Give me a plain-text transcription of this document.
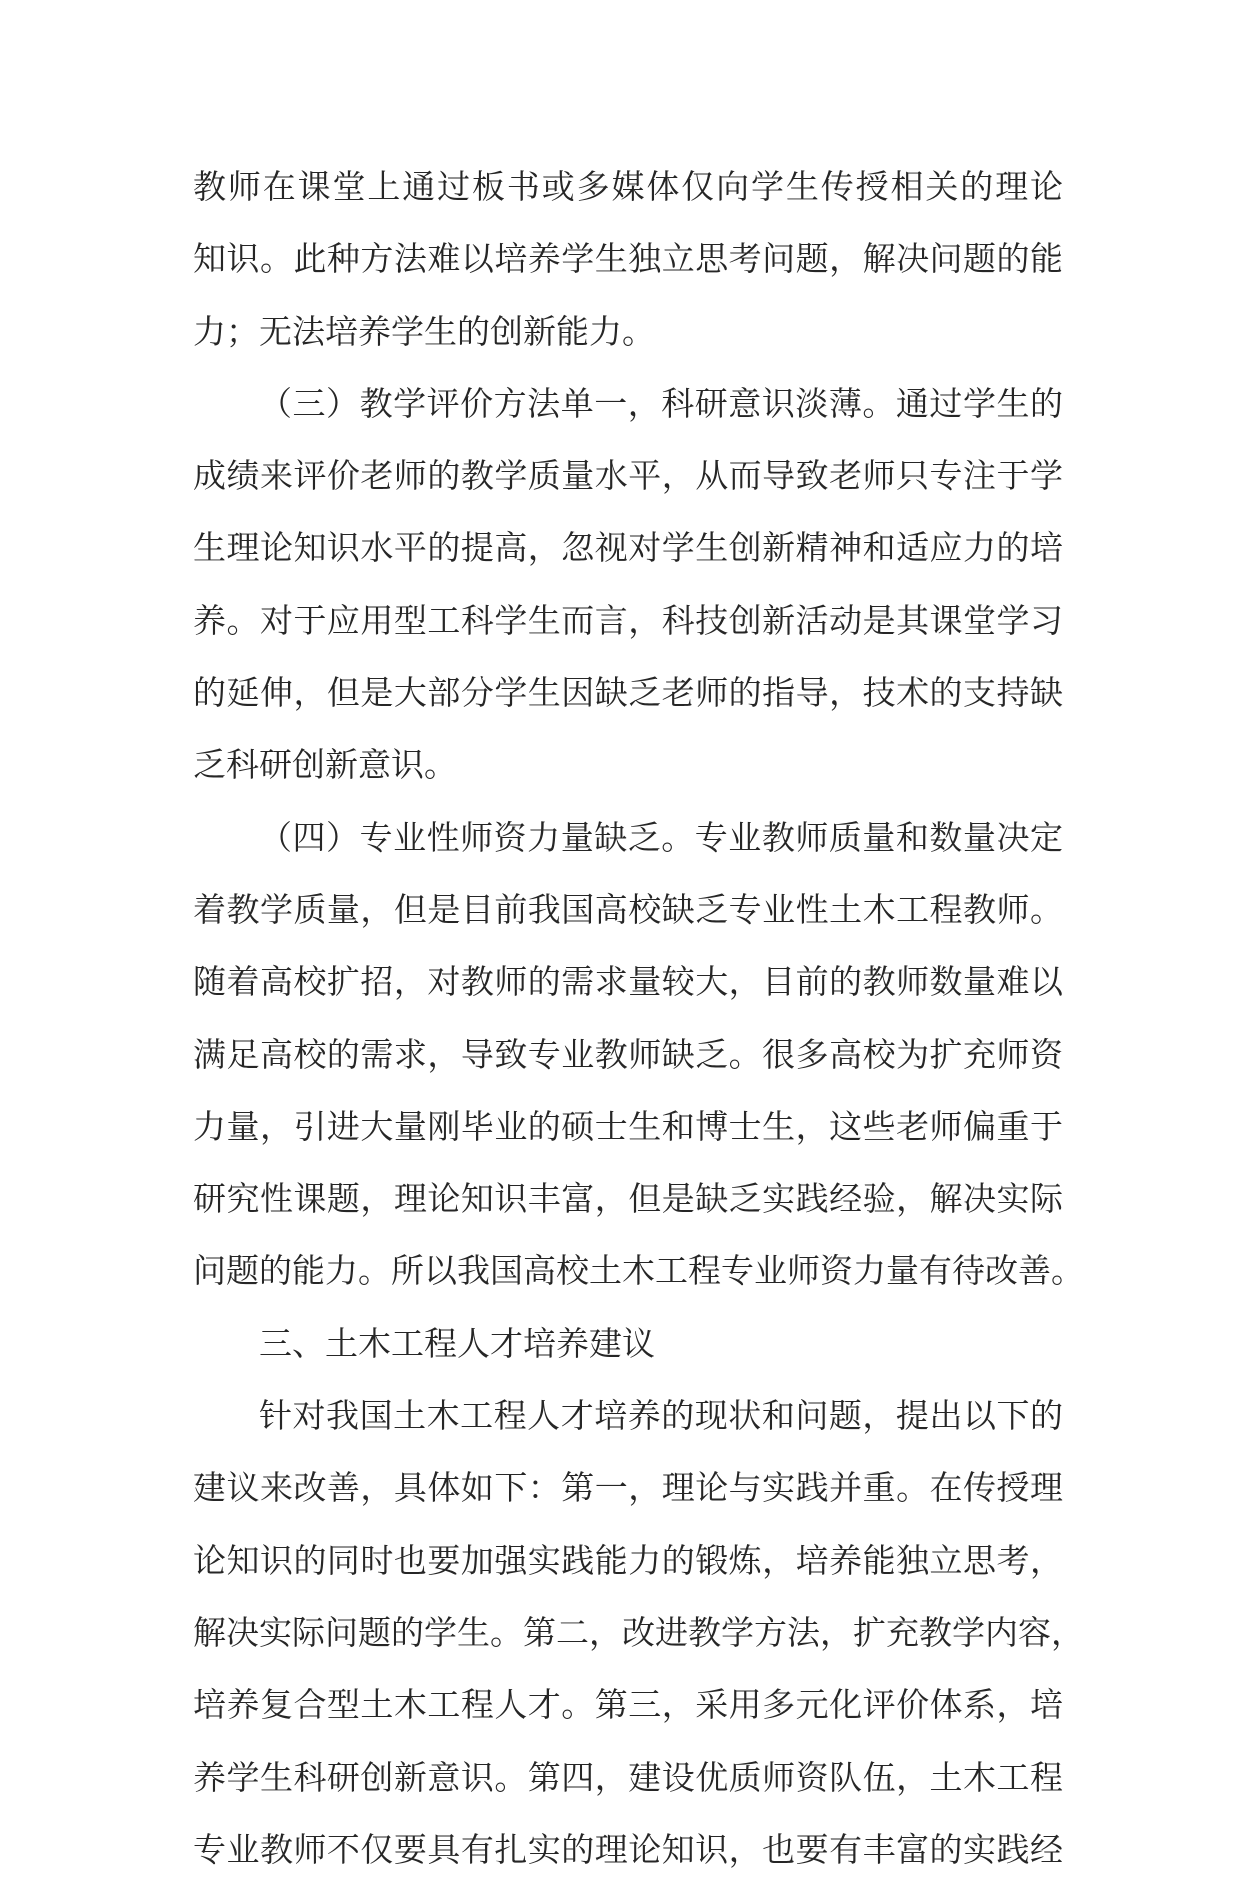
教师在课堂上通过板书或多媒体仅向学生传授相关的理论
知识。此种方法难以培养学生独立思考问题，解决问题的能
力；无法培养学生的创新能力。
（三）教学评价方法单一，科研意识淡薄。通过学生的
成绩来评价老师的教学质量水平，从而导致老师只专注于学
生理论知识水平的提高，忽视对学生创新精神和适应力的培
养。对于应用型工科学生而言，科技创新活动是其课堂学习
的延伸，但是大部分学生因缺乏老师的指导，技术的支持缺
乏科研创新意识。
（四）专业性师资力量缺乏。专业教师质量和数量决定
着教学质量，但是目前我国高校缺乏专业性土木工程教师。
随着高校扩招，对教师的需求量较大，目前的教师数量难以
满足高校的需求，导致专业教师缺乏。很多高校为扩充师资
力量，引进大量刚毕业的硕士生和博士生，这些老师偏重于
研究性课题，理论知识丰富，但是缺乏实践经验，解决实际
问题的能力。所以我国高校土木工程专业师资力量有待改善。
三、土木工程人才培养建议
针对我国土木工程人才培养的现状和问题，提出以下的
建议来改善，具体如下：第一，理论与实践并重。在传授理
论知识的同时也要加强实践能力的锻炼，培养能独立思考，
解决实际问题的学生。第二，改进教学方法，扩充教学内容，
培养复合型土木工程人才。第三，采用多元化评价体系，培
养学生科研创新意识。第四，建设优质师资队伍，土木工程
专业教师不仅要具有扎实的理论知识，也要有丰富的实践经
